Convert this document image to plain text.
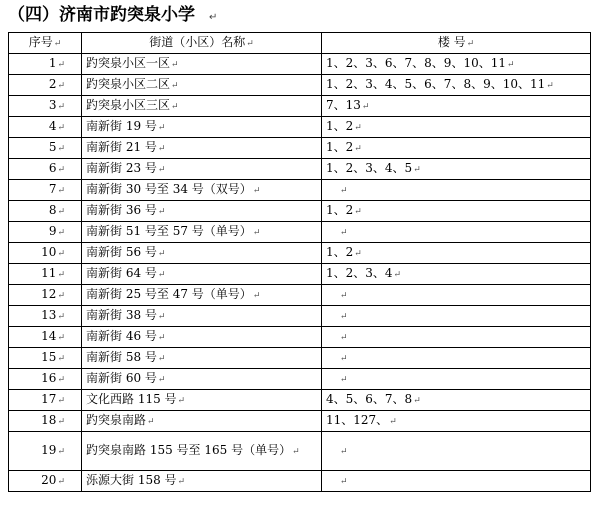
（四）济南市趵突泉小学 ↵
序号↵	街道（小区）名称↵	楼 号↵
1↵	趵突泉小区一区↵	1、2、3、6、7、8、9、10、11↵
2↵	趵突泉小区二区↵	1、2、3、4、5、6、7、8、9、10、11↵
3↵	趵突泉小区三区↵	7、13↵
4↵	南新街 19 号↵	1、2↵
5↵	南新街 21 号↵	1、2↵
6↵	南新街 23 号↵	1、2、3、4、5↵
7↵	南新街 30 号至 34 号（双号）↵	↵
8↵	南新街 36 号↵	1、2↵
9↵	南新街 51 号至 57 号（单号）↵	↵
10↵	南新街 56 号↵	1、2↵
11↵	南新街 64 号↵	1、2、3、4↵
12↵	南新街 25 号至 47 号（单号）↵	↵
13↵	南新街 38 号↵	↵
14↵	南新街 46 号↵	↵
15↵	南新街 58 号↵	↵
16↵	南新街 60 号↵	↵
17↵	文化西路 115 号↵	4、5、6、7、8↵
18↵	趵突泉南路↵	11、127、↵
19↵	趵突泉南路 155 号至 165 号（单号）↵	↵
20↵	泺源大街 158 号↵	↵
